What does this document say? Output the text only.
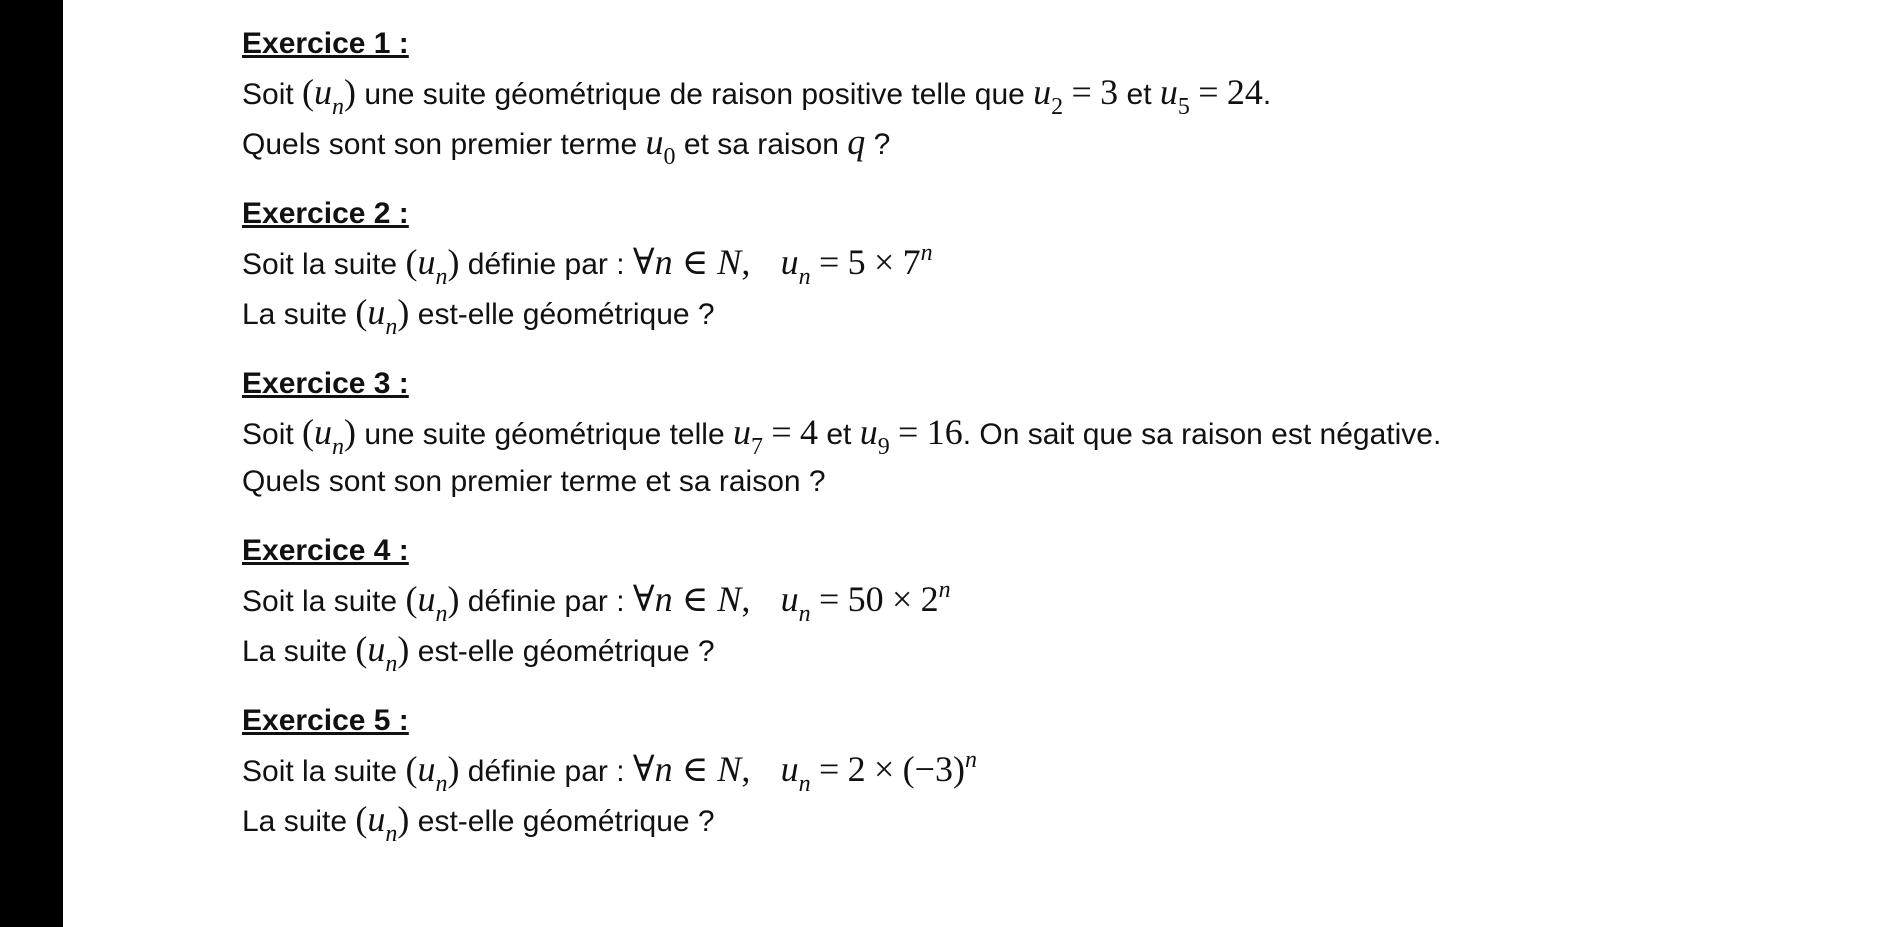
Exercice 1 :
Soit $(u_n)$ une suite géométrique de raison positive telle que $u_2 = 3$ et $u_5 = 24$.
Quels sont son premier terme $u_0$ et sa raison q ?
Exercice 2 :
Soit la suite $(u_n)$ définie par : ∀n ∈ N, $u_n = 5 \times 7^n$
La suite $(u_n)$ est-elle géométrique ?
Exercice 3 :
Soit $(u_n)$ une suite géométrique telle $u_7 = 4$ et $u_9 = 16$. On sait que sa raison est négative.
Quels sont son premier terme et sa raison ?
Exercice 4 :
Soit la suite $(u_n)$ définie par : ∀n ∈ N, $u_n = 50 \times 2^n$
La suite $(u_n)$ est-elle géométrique ?
Exercice 5 :
Soit la suite $(u_n)$ définie par : ∀n ∈ N, $u_n = 2 \times (-3)^n$
La suite $(u_n)$ est-elle géométrique ?
